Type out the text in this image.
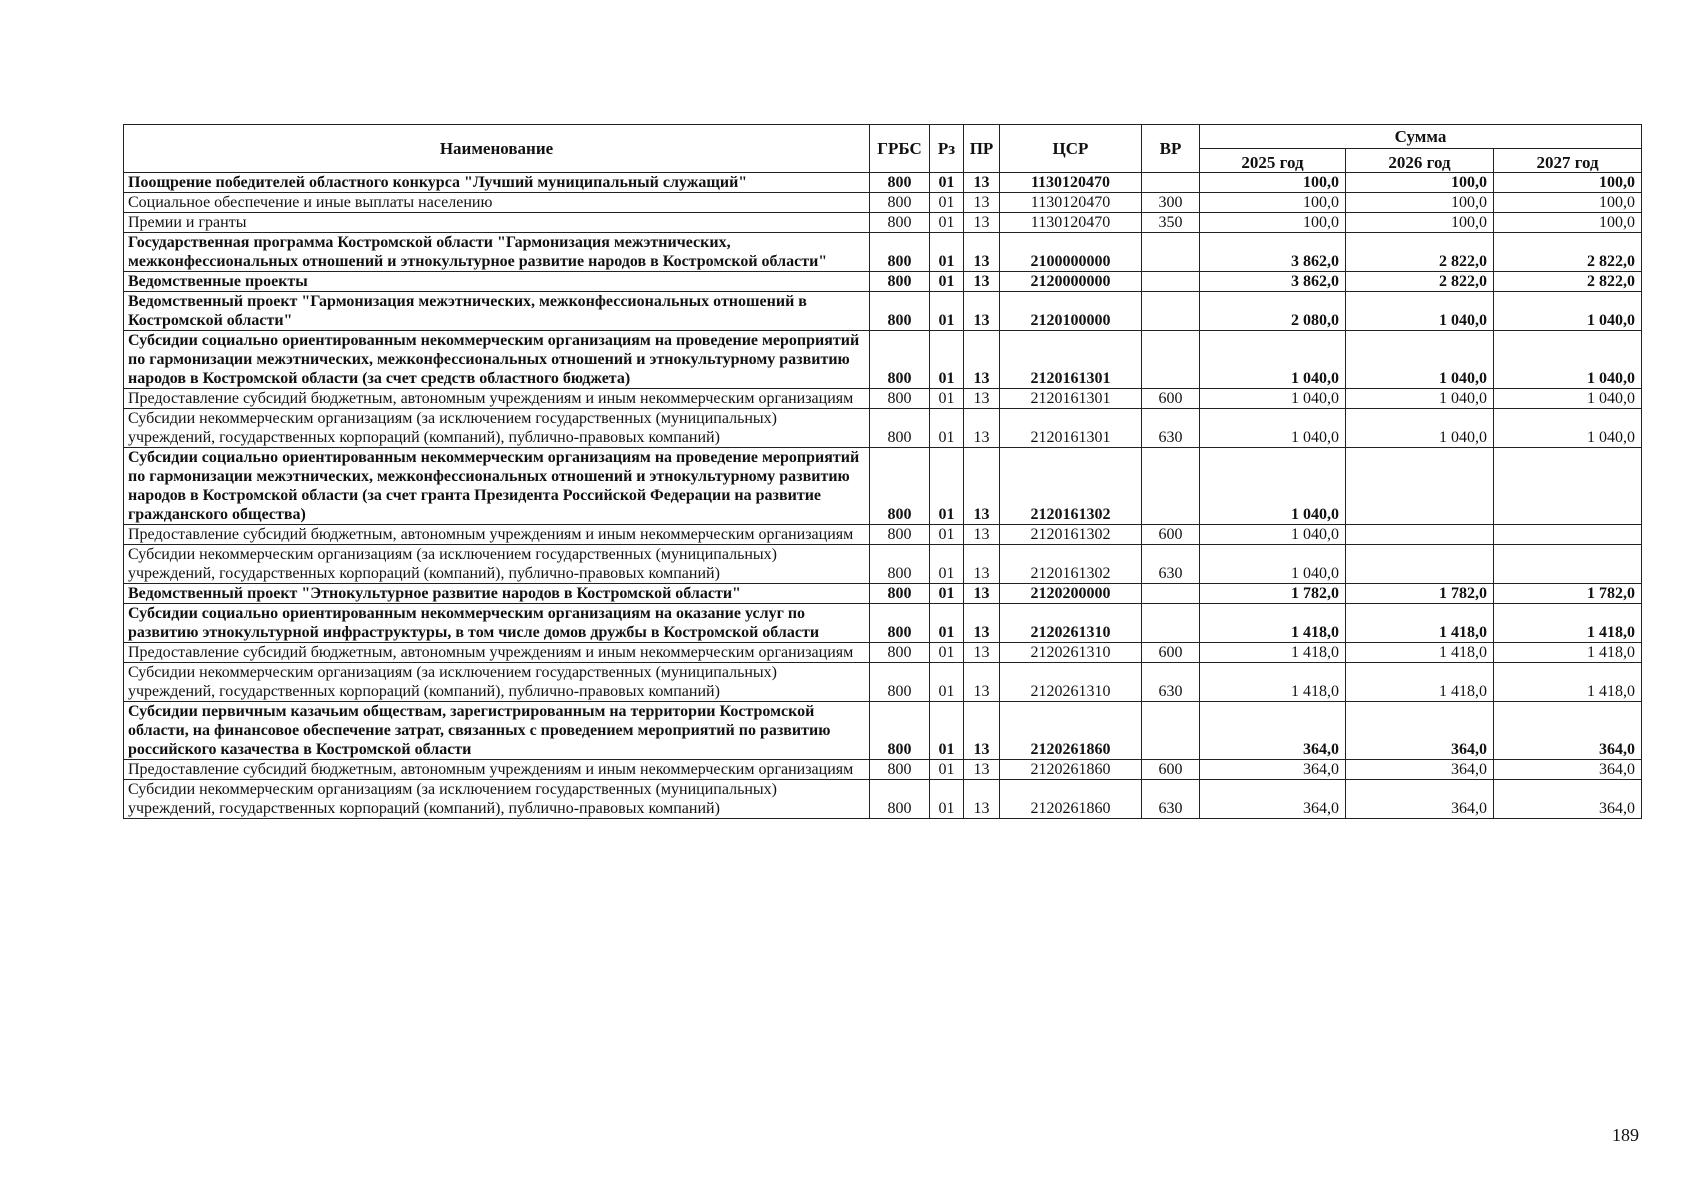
Наименование	ГРБС	Рз	ПР	ЦСР	ВР	Сумма		
						2025 год	2026 год	2027 год
Поощрение победителей областного конкурса "Лучший муниципальный служащий"	800	01	13	1130120470		100,0	100,0	100,0
Социальное обеспечение и иные выплаты населению	800	01	13	1130120470	300	100,0	100,0	100,0
Премии и гранты	800	01	13	1130120470	350	100,0	100,0	100,0
Государственная программа Костромской области "Гармонизация межэтнических, межконфессиональных отношений и этнокультурное развитие народов в Костромской области"	800	01	13	2100000000		3 862,0	2 822,0	2 822,0
Ведомственные проекты	800	01	13	2120000000		3 862,0	2 822,0	2 822,0
Ведомственный проект "Гармонизация межэтнических, межконфессиональных отношений в Костромской области"	800	01	13	2120100000		2 080,0	1 040,0	1 040,0
Субсидии социально ориентированным некоммерческим организациям на проведение мероприятий по гармонизации межэтнических, межконфессиональных отношений и этнокультурному развитию народов в Костромской области (за счет средств областного бюджета)	800	01	13	2120161301		1 040,0	1 040,0	1 040,0
Предоставление субсидий бюджетным, автономным учреждениям и иным некоммерческим организациям	800	01	13	2120161301	600	1 040,0	1 040,0	1 040,0
Субсидии некоммерческим организациям (за исключением государственных (муниципальных) учреждений, государственных корпораций (компаний), публично-правовых компаний)	800	01	13	2120161301	630	1 040,0	1 040,0	1 040,0
Субсидии социально ориентированным некоммерческим организациям на проведение мероприятий по гармонизации межэтнических, межконфессиональных отношений и этнокультурному развитию народов в Костромской области (за счет гранта Президента Российской Федерации на развитие гражданского общества)	800	01	13	2120161302		1 040,0		
Предоставление субсидий бюджетным, автономным учреждениям и иным некоммерческим организациям	800	01	13	2120161302	600	1 040,0		
Субсидии некоммерческим организациям (за исключением государственных (муниципальных) учреждений, государственных корпораций (компаний), публично-правовых компаний)	800	01	13	2120161302	630	1 040,0		
Ведомственный проект "Этнокультурное развитие народов в Костромской области"	800	01	13	2120200000		1 782,0	1 782,0	1 782,0
Субсидии социально ориентированным некоммерческим организациям на оказание услуг по развитию этнокультурной инфраструктуры, в том числе домов дружбы в Костромской области	800	01	13	2120261310		1 418,0	1 418,0	1 418,0
Предоставление субсидий бюджетным, автономным учреждениям и иным некоммерческим организациям	800	01	13	2120261310	600	1 418,0	1 418,0	1 418,0
Субсидии некоммерческим организациям (за исключением государственных (муниципальных) учреждений, государственных корпораций (компаний), публично-правовых компаний)	800	01	13	2120261310	630	1 418,0	1 418,0	1 418,0
Субсидии первичным казачьим обществам, зарегистрированным на территории Костромской области, на финансовое обеспечение затрат, связанных с проведением мероприятий по развитию российского казачества в Костромской области	800	01	13	2120261860		364,0	364,0	364,0
Предоставление субсидий бюджетным, автономным учреждениям и иным некоммерческим организациям	800	01	13	2120261860	600	364,0	364,0	364,0
Субсидии некоммерческим организациям (за исключением государственных (муниципальных) учреждений, государственных корпораций (компаний), публично-правовых компаний)	800	01	13	2120261860	630	364,0	364,0	364,0
189
